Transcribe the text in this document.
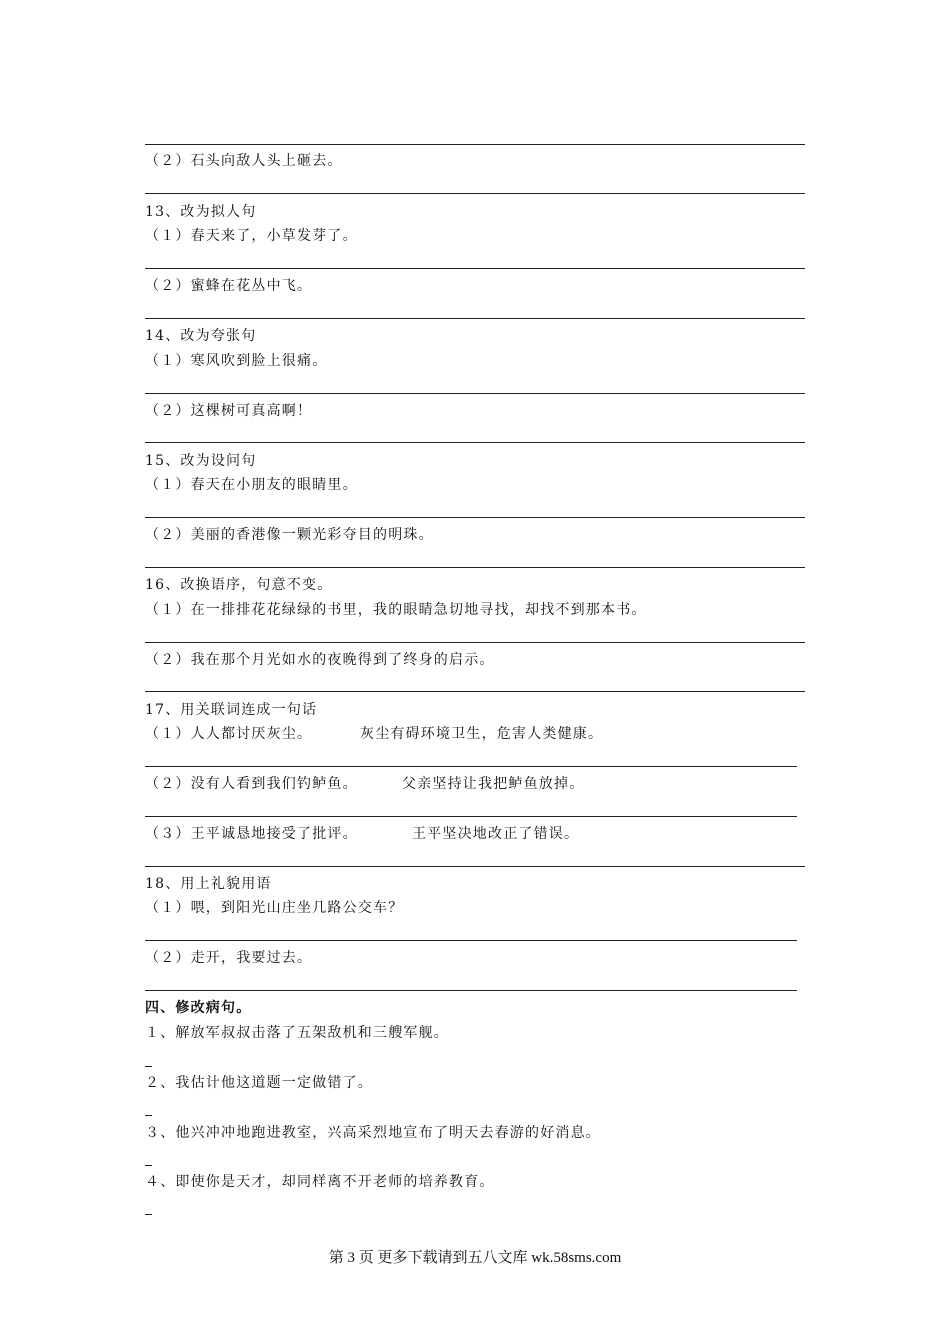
（２）石头向敌人头上砸去。
13、改为拟人句
（１）春天来了，小草发芽了。
（２）蜜蜂在花丛中飞。
14、改为夸张句
（１）寒风吹到脸上很痛。
（２）这棵树可真高啊！
15、改为设问句
（１）春天在小朋友的眼睛里。
（２）美丽的香港像一颗光彩夺目的明珠。
16、改换语序，句意不变。
（１）在一排排花花绿绿的书里，我的眼睛急切地寻找，却找不到那本书。
（２）我在那个月光如水的夜晚得到了终身的启示。
17、用关联词连成一句话
（１）人人都讨厌灰尘。	灰尘有碍环境卫生，危害人类健康。
（２）没有人看到我们钓鲈鱼。	父亲坚持让我把鲈鱼放掉。
（３）王平诚恳地接受了批评。	王平坚决地改正了错误。
18、用上礼貌用语
（１）喂，到阳光山庄坐几路公交车？
（２）走开，我要过去。
四、修改病句。
１、解放军叔叔击落了五架敌机和三艘军舰。
２、我估计他这道题一定做错了。
３、他兴冲冲地跑进教室，兴高采烈地宣布了明天去春游的好消息。
４、即使你是天才，却同样离不开老师的培养教育。
第 3 页 更多下载请到五八文库 wk.58sms.com
